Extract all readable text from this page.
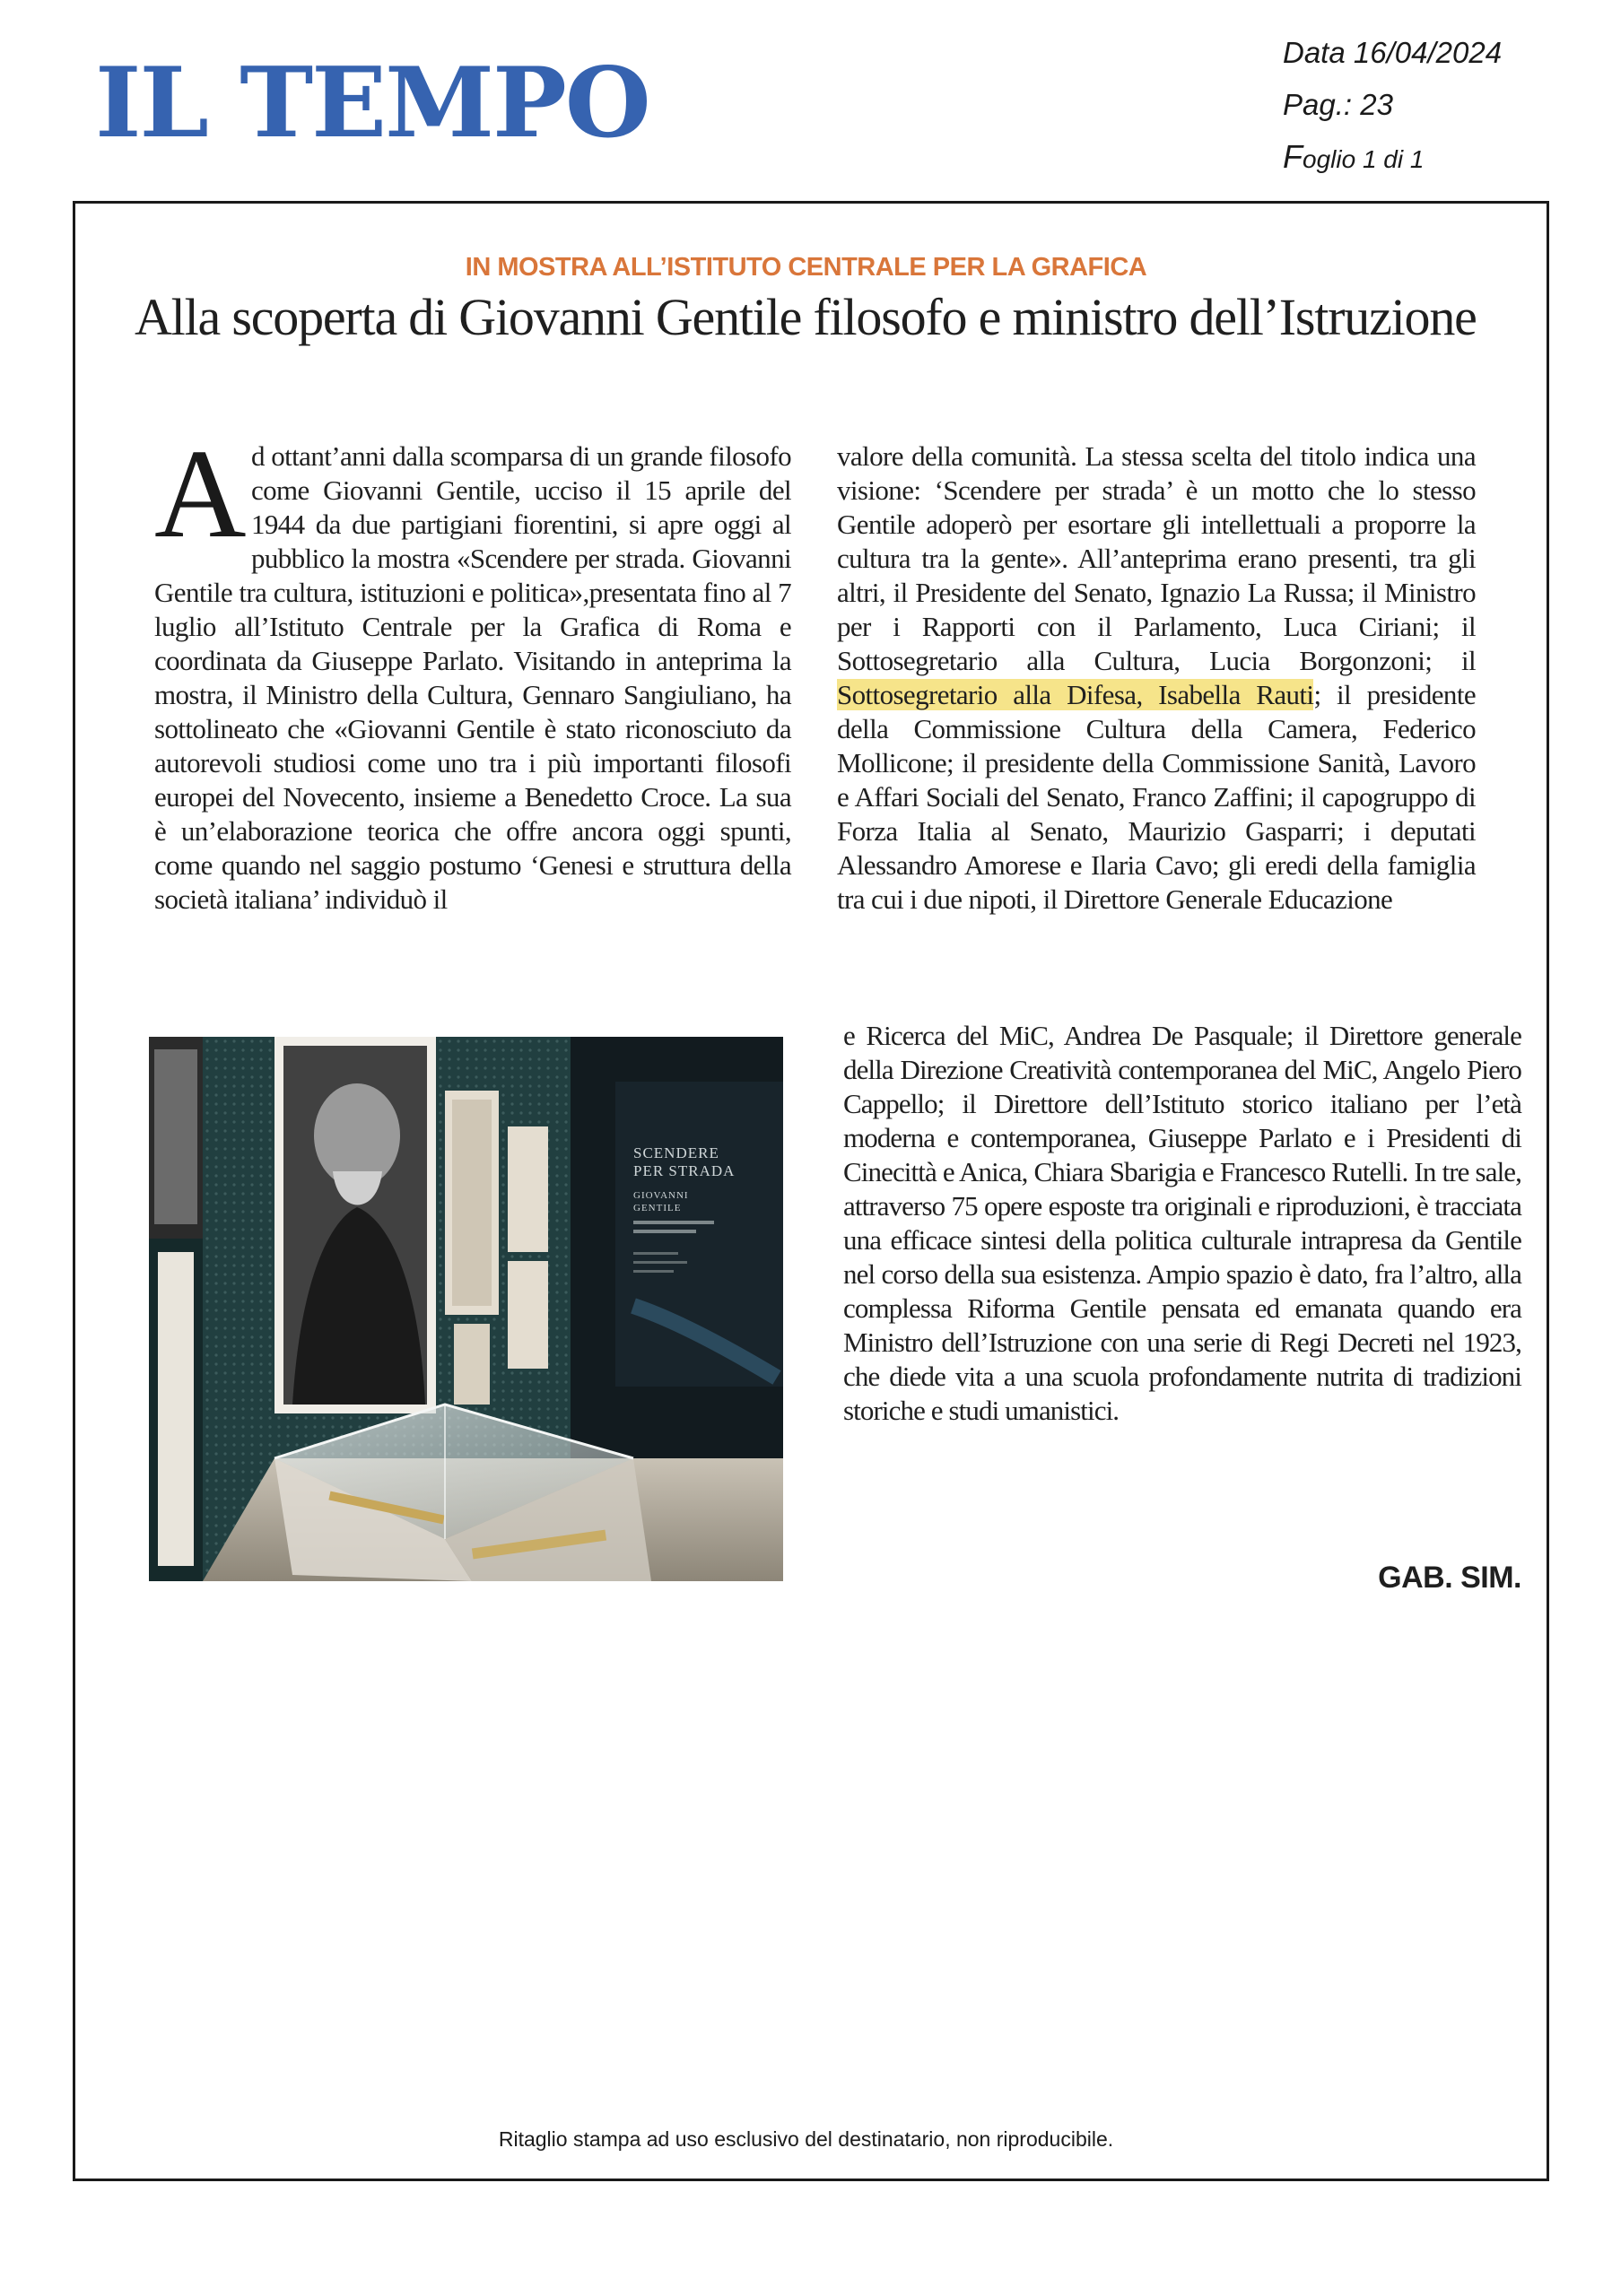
IL TEMPO	Data 16/04/2024
Pag.: 23
Foglio 1 di 1
IN MOSTRA ALL’ISTITUTO CENTRALE PER LA GRAFICA
Alla scoperta di Giovanni Gentile filosofo e ministro dell’Istruzione

Ad ottant’anni dalla scomparsa di un grande filosofo come Giovanni Gentile, ucciso il 15 aprile del 1944 da due partigiani fiorentini, si apre oggi al pubblico la mostra «Scendere per strada. Giovanni Gentile tra cultura, istituzioni e politica»,presentata fino al 7 luglio all’Istituto Centrale per la Grafica di Roma e coordinata da Giuseppe Parlato. Visitando in anteprima la mostra, il Ministro della Cultura, Gennaro Sangiuliano, ha sottolineato che «Giovanni Gentile è stato riconosciuto da autorevoli studiosi come uno tra i più importanti filosofi europei del Novecento, insieme a Benedetto Croce. La sua è un’elaborazione teorica che offre ancora oggi spunti, come quando nel saggio postumo ‘Genesi e struttura della società italiana’ individuò il

valore della comunità. La stessa scelta del titolo indica una visione: ‘Scendere per strada’ è un motto che lo stesso Gentile adoperò per esortare gli intellettuali a proporre la cultura tra la gente». All’anteprima erano presenti, tra gli altri, il Presidente del Senato, Ignazio La Russa; il Ministro per i Rapporti con il Parlamento, Luca Ciriani; il Sottosegretario alla Cultura, Lucia Borgonzoni; il Sottosegretario alla Difesa, Isabella Rauti; il presidente della Commissione Cultura della Camera, Federico Mollicone; il presidente della Commissione Sanità, Lavoro e Affari Sociali del Senato, Franco Zaffini; il capogruppo di Forza Italia al Senato, Maurizio Gasparri; i deputati Alessandro Amorese e Ilaria Cavo; gli eredi della famiglia tra cui i due nipoti, il Direttore Generale Educazione

SCENDERE
PER STRADA
GIOVANNI
GENTILE

e Ricerca del MiC, Andrea De Pasquale; il Direttore generale della Direzione Creatività contemporanea del MiC, Angelo Piero Cappello; il Direttore dell’Istituto storico italiano per l’età moderna e contemporanea, Giuseppe Parlato e i Presidenti di Cinecittà e Anica, Chiara Sbarigia e Francesco Rutelli. In tre sale, attraverso 75 opere esposte tra originali e riproduzioni, è tracciata una efficace sintesi della politica culturale intrapresa da Gentile nel corso della sua esistenza. Ampio spazio è dato, fra l’altro, alla complessa Riforma Gentile pensata ed emanata quando era Ministro dell’Istruzione con una serie di Regi Decreti nel 1923, che diede vita a una scuola profondamente nutrita di tradizioni storiche e studi umanistici.

GAB. SIM.
Ritaglio stampa ad uso esclusivo del destinatario, non riproducibile.
